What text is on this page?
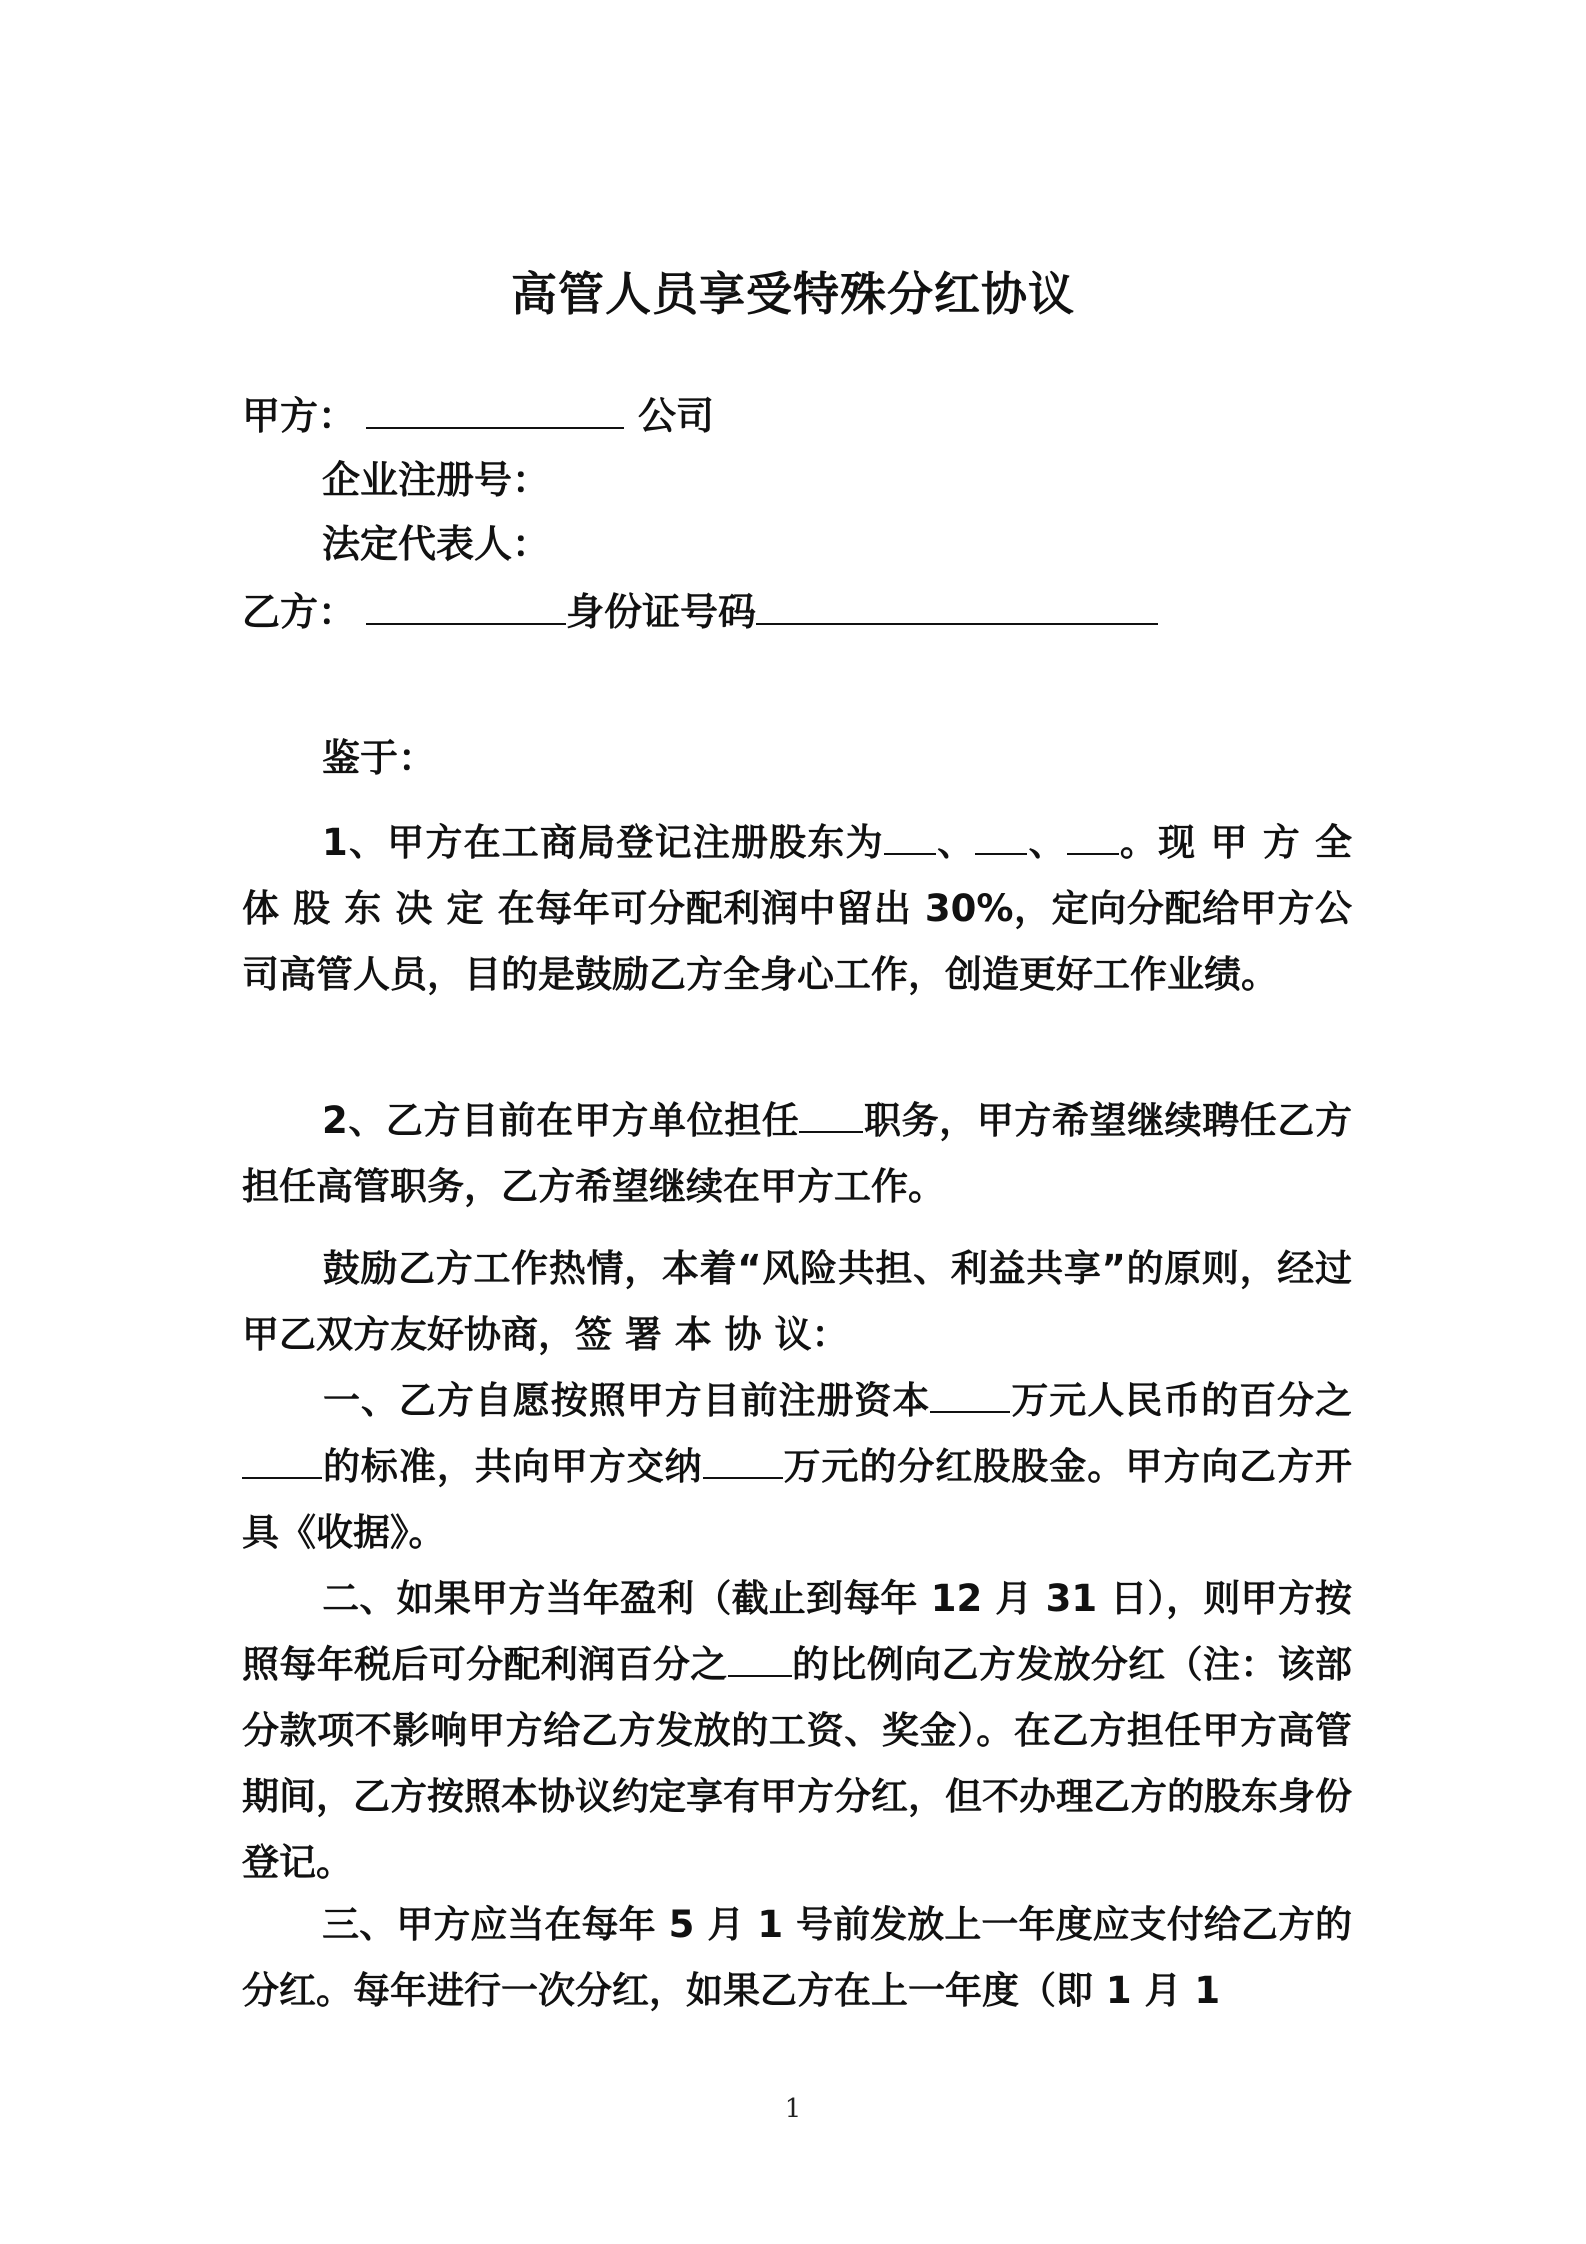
高管人员享受特殊分红协议
甲方：	公司
企业注册号：
法定代表人：
乙方：	身份证号码
鉴于：
1、甲方在工商局登记注册股东为 、 、 。现 甲 方 全 体 股 东 决 定 在每年可分配利润中留出 30%，定向分配给甲方公司高管人员，目的是鼓励乙方全身心工作，创造更好工作业绩。
2、乙方目前在甲方单位担任 职务，甲方希望继续聘任乙方担任高管职务，乙方希望继续在甲方工作。
鼓励乙方工作热情，本着“风险共担、利益共享”的原则，经过甲乙双方友好协商，签 署 本 协 议：
一、乙方自愿按照甲方目前注册资本 万元人民币的百分之的标准，共向甲方交纳 万元的分红股股金。甲方向乙方开具《收据》。
二、如果甲方当年盈利（截止到每年 12 月 31 日），则甲方按照每年税后可分配利润百分之 的比例向乙方发放分红（注：该部分款项不影响甲方给乙方发放的工资、奖金）。在乙方担任甲方高管期间，乙方按照本协议约定享有甲方分红，但不办理乙方的股东身份登记。
三、甲方应当在每年 5 月 1 号前发放上一年度应支付给乙方的分红。每年进行一次分红，如果乙方在上一年度（即 1 月 1
1
